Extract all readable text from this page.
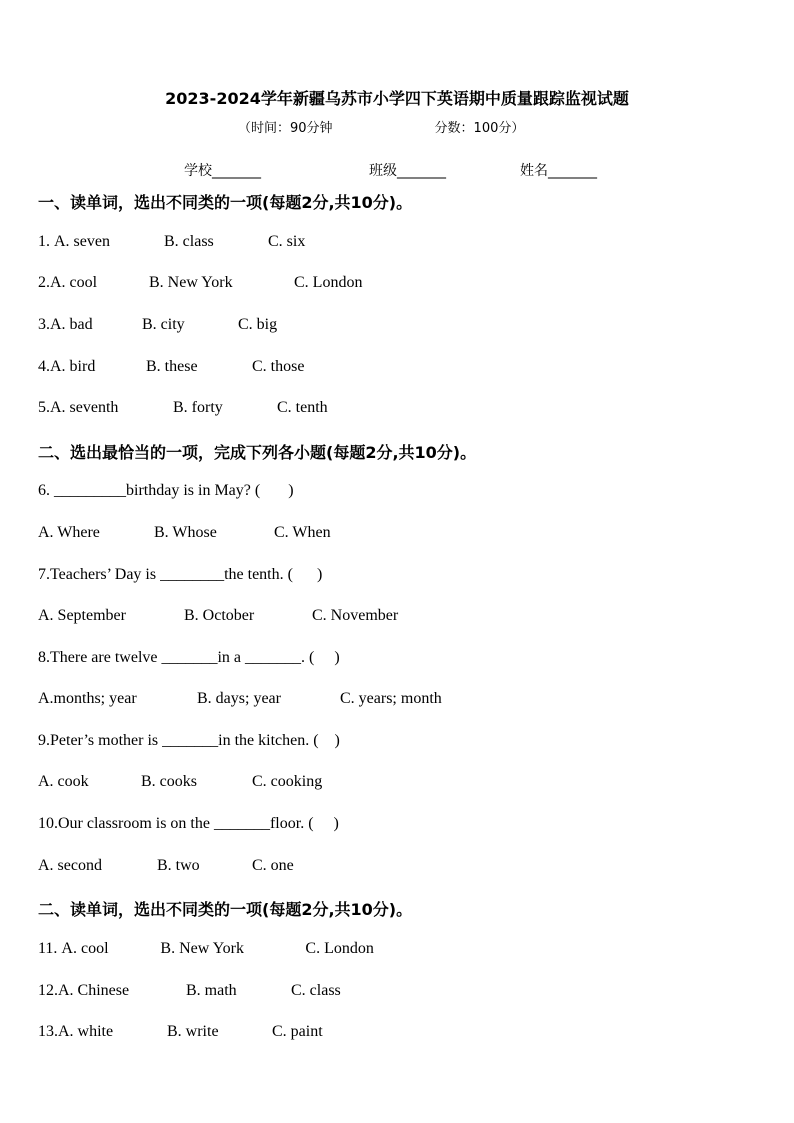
2023-2024学年新疆乌苏市小学四下英语期中质量跟踪监视试题
（时间：90分钟	分数：100分）
学校_______	班级_______	姓名_______
一、读单词，选出不同类的一项(每题2分,共10分)。
1. A. seven	B. class	C. six
2.A. cool	B. New York	C. London
3.A. bad	B. city	C. big
4.A. bird	B. these	C. those
5.A. seventh	B. forty	C. tenth
二、选出最恰当的一项，完成下列各小题(每题2分,共10分)。
6. _________birthday is in May? (       )
A. Where	B. Whose	C. When
7.Teachers’ Day is ________the tenth. (      )
A. September	B. October	C. November
8.There are twelve _______in a _______. (     )
A.months; year	B. days; year	C. years; month
9.Peter’s mother is _______in the kitchen. (    )
A. cook	B. cooks	C. cooking
10.Our classroom is on the _______floor. (     )
A. second	B. two	C. one
二、读单词，选出不同类的一项(每题2分,共10分)。
11. A. cool	B. New York	C. London
12.A. Chinese	B. math	C. class
13.A. white	B. write	C. paint
